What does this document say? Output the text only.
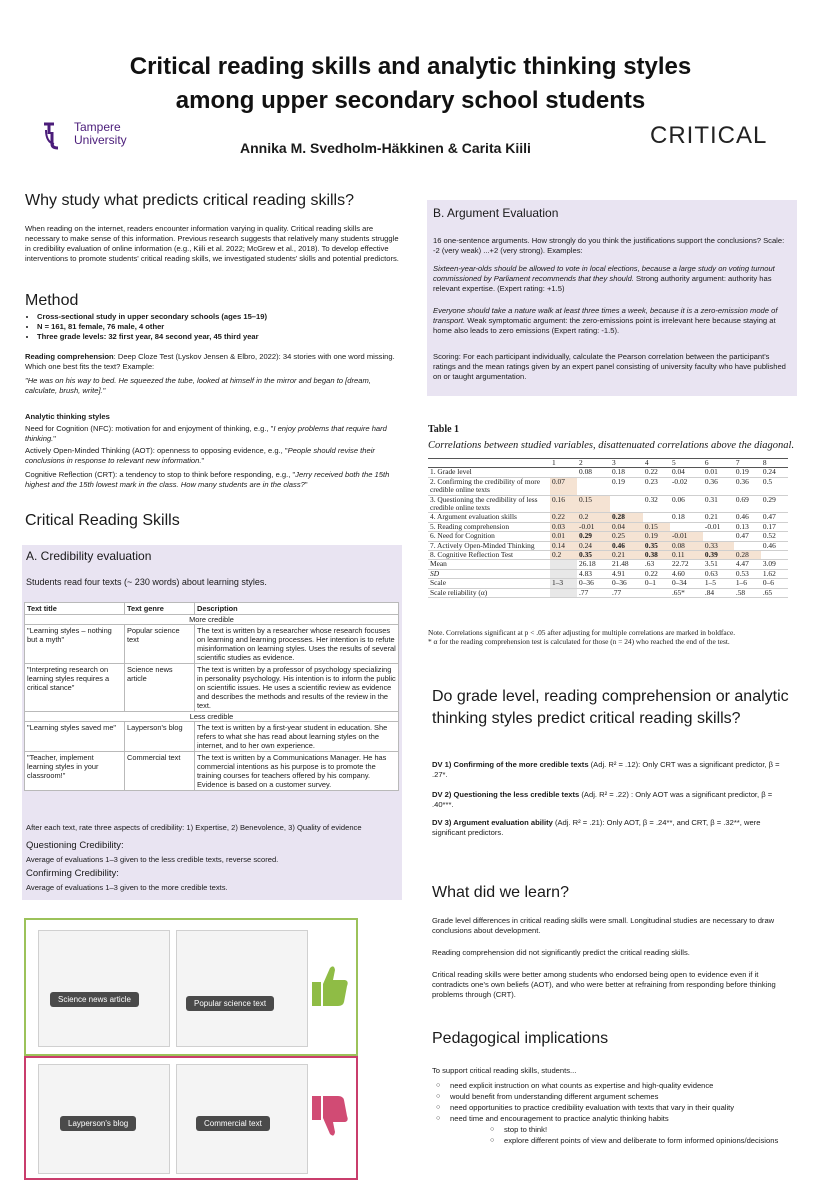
Critical reading skills and analytic thinking styles
among upper secondary school students
Tampere
University	Annika M. Svedholm-Häkkinen & Carita Kiili	CRITICAL
Why study what predicts critical reading skills?

When reading on the internet, readers encounter information varying in quality. Critical reading skills are necessary to make sense of this information. Previous research suggests that relatively many students struggle in credibility evaluation of online information (e.g., Kiili et al. 2022; McGrew et al., 2018). To develop effective interventions to promote students' critical reading skills, we investigated students' skills and potential predictors.

Method
• Cross-sectional study in upper secondary schools (ages 15–19)
• N = 161, 81 female, 76 male, 4 other
• Three grade levels: 32 first year, 84 second year, 45 third year

Reading comprehension: Deep Cloze Test (Lyskov Jensen & Elbro, 2022): 34 stories with one word missing. Which one best fits the text? Example:

"He was on his way to bed. He squeezed the tube, looked at himself in the mirror and began to [dream, calculate, brush, write]."

Analytic thinking styles

Need for Cognition (NFC): motivation for and enjoyment of thinking, e.g., "I enjoy problems that require hard thinking."

Actively Open-Minded Thinking (AOT): openness to opposing evidence, e.g., "People should revise their conclusions in response to relevant new information."

Cognitive Reflection (CRT): a tendency to stop to think before responding, e.g., "Jerry received both the 15th highest and the 15th lowest mark in the class. How many students are in the class?"

Critical Reading Skills
A. Credibility evaluation
Students read four texts (~ 230 words) about learning styles.
Text title	Text genre	Description
More credible		
"Learning styles – nothing but a myth"	Popular science text	The text is written by a researcher whose research focuses on learning and learning processes. Her intention is to refute misinformation on learning styles. Uses the results of several scientific studies as evidence.
"Interpreting research on learning styles requires a critical stance"	Science news article	The text is written by a professor of psychology specializing in personality psychology. His intention is to inform the public on scientific issues. He uses a scientific review as evidence and describes the methods and results of the review in the text.
Less credible		
"Learning styles saved me"	Layperson's blog	The text is written by a first-year student in education. She refers to what she has read about learning styles on the internet, and to her own experience.
"Teacher, implement learning styles in your classroom!"	Commercial text	The text is written by a Communications Manager. He has commercial intentions as his purpose is to promote the training courses for teachers offered by his company. Evidence is based on a customer survey.
After each text, rate three aspects of credibility: 1) Expertise, 2) Benevolence, 3) Quality of evidence
Questioning Credibility:
Average of evaluations 1–3 given to the less credible texts, reverse scored.
Confirming Credibility:
Average of evaluations 1–3 given to the more credible texts.
Science news article	Popular science text
Layperson's blog	Commercial text
B. Argument Evaluation

16 one-sentence arguments. How strongly do you think the justifications support the conclusions? Scale: -2 (very weak) ...+2 (very strong). Examples:

Sixteen-year-olds should be allowed to vote in local elections, because a large study on voting turnout commissioned by Parliament recommends that they should. Strong authority argument: authority has relevant expertise. (Expert rating: +1.5)

Everyone should take a nature walk at least three times a week, because it is a zero-emission mode of transport. Weak symptomatic argument: the zero-emissions point is irrelevant here because staying at home also leads to zero emissions (Expert rating: -1.5).

Scoring: For each participant individually, calculate the Pearson correlation between the participant's ratings and the mean ratings given by an expert panel consisting of university faculty who have published on or taught argumentation.

Table 1
Correlations between studied variables, disattenuated correlations above the diagonal.
	1	2	3	4	5	6	7	8
1. Grade level		0.08	0.18	0.22	0.04	0.01	0.19	0.24
2. Confirming the credibility of more credible online texts	0.07		0.19	0.23	-0.02	0.36	0.36	0.5
3. Questioning the credibility of less credible online texts	0.16	0.15		0.32	0.06	0.31	0.69	0.29
4. Argument evaluation skills	0.22	0.2	0.28		0.18	0.21	0.46	0.47
5. Reading comprehension	0.03	-0.01	0.04	0.15		-0.01	0.13	0.17
6. Need for Cognition	0.01	0.29	0.25	0.19	-0.01		0.47	0.52
7. Actively Open-Minded Thinking	0.14	0.24	0.46	0.35	0.08	0.33		0.46
8. Cognitive Reflection Test	0.2	0.35	0.21	0.38	0.11	0.39	0.28	
Mean		26.18	21.48	.63	22.72	3.51	4.47	3.09
SD		4.83	4.91	0.22	4.60	0.63	0.53	1.62
Scale	1–3	0–36	0–36	0–1	0–34	1–5	1–6	0–6
Scale reliability (α)		.77	.77		.65*	.84	.58	.65
Note. Correlations significant at p < .05 after adjusting for multiple correlations are marked in boldface.
* α for the reading comprehension test is calculated for those (n = 24) who reached the end of the test.
Do grade level, reading comprehension or analytic thinking styles predict critical reading skills?

DV 1) Confirming of the more credible texts (Adj. R² = .12): Only CRT was a significant predictor, β = .27*.

DV 2) Questioning the less credible texts (Adj. R² = .22) : Only AOT was a significant predictor, β = .40***.

DV 3) Argument evaluation ability (Adj. R² = .21): Only AOT, β = .24**, and CRT, β = .32**, were significant predictors.

What did we learn?

Grade level differences in critical reading skills were small. Longitudinal studies are necessary to draw conclusions about development.

Reading comprehension did not significantly predict the critical reading skills.

Critical reading skills were better among students who endorsed being open to evidence even if it contradicts one's own beliefs (AOT), and who were better at refraining from responding before thinking problems through (CRT).

Pedagogical implications

To support critical reading skills, students...

○ need explicit instruction on what counts as expertise and high-quality evidence
○ would benefit from understanding different argument schemes
○ need opportunities to practice credibility evaluation with texts that vary in their quality
○ need time and encouragement to practice analytic thinking habits
○ stop to think!
○ explore different points of view and deliberate to form informed opinions/decisions
